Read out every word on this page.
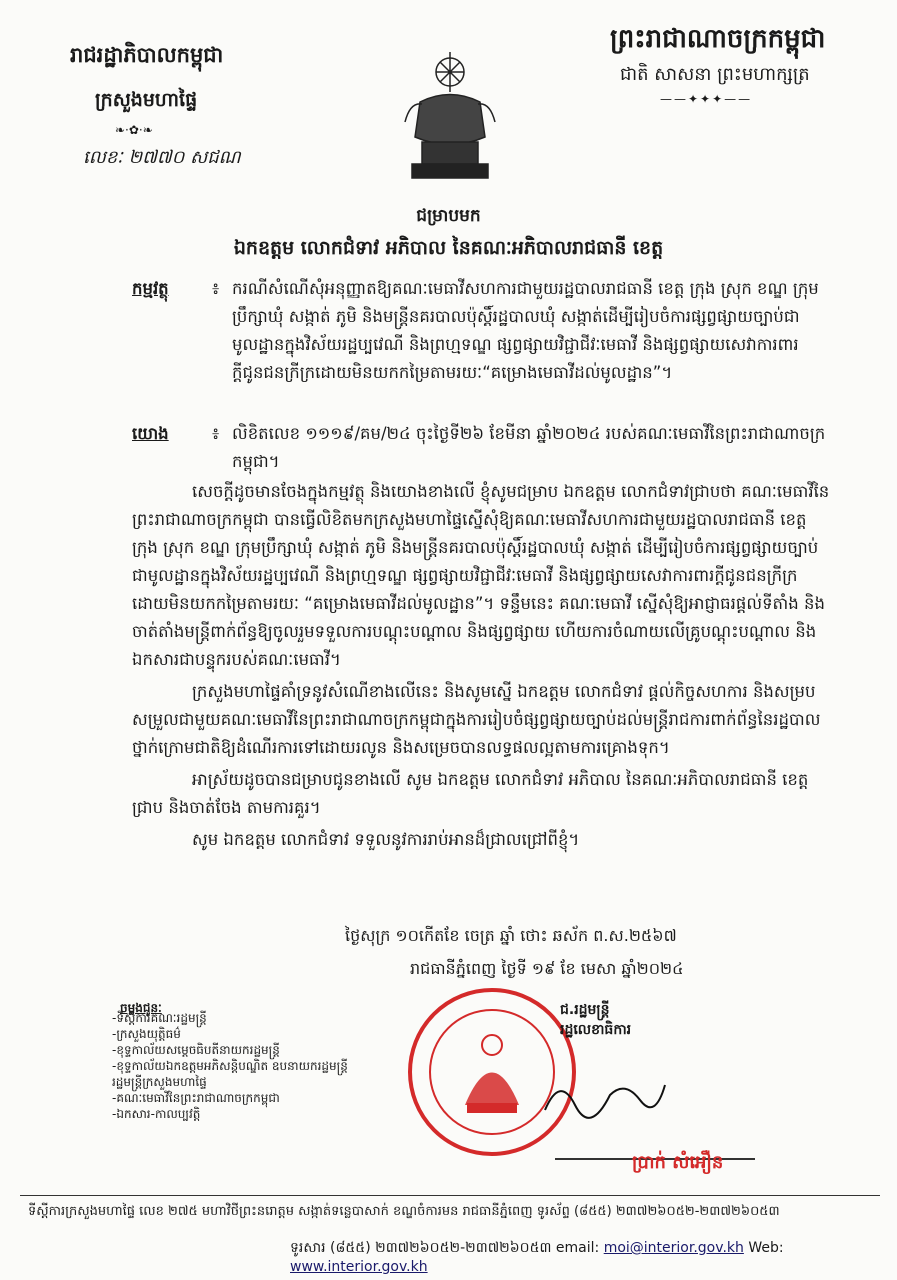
រាជរដ្ឋាភិបាលកម្ពុជា
ក្រសួងមហាផ្ទៃ
❧·✿·❧
លេខៈ ២៧៧០ សជណ
ព្រះរាជាណាចក្រកម្ពុជា
ជាតិ សាសនា ព្រះមហាក្សត្រ
——✦✦✦——
ជម្រាបមក
ឯកឧត្តម លោកជំទាវ អភិបាល នៃគណៈអភិបាលរាជធានី ខេត្ត
កម្មវត្ថុ	៖ ករណីសំណើសុំអនុញ្ញាតឱ្យគណៈមេធាវីសហការជាមួយរដ្ឋបាលរាជធានី ខេត្ត ក្រុង ស្រុក ខណ្ឌ ក្រុមប្រឹក្សាឃុំ សង្កាត់ ភូមិ និងមន្ត្រីនគរបាលប៉ុស្តិ៍រដ្ឋបាលឃុំ សង្កាត់ដើម្បីរៀបចំការផ្សព្វផ្សាយច្បាប់ជាមូលដ្ឋានក្នុងវិស័យរដ្ឋប្បវេណី និងព្រហ្មទណ្ឌ ផ្សព្វផ្សាយវិជ្ជាជីវៈមេធាវី និងផ្សព្វផ្សាយសេវាការពារក្ដីជូនជនក្រីក្រដោយមិនយកកម្រៃតាមរយៈ“គម្រោងមេធាវីដល់មូលដ្ឋាន”។
យោង	៖ លិខិតលេខ ១១១៩/គម/២៤ ចុះថ្ងៃទី២៦ ខែមីនា ឆ្នាំ២០២៤ របស់គណៈមេធាវីនៃព្រះរាជាណាចក្រកម្ពុជា។

សេចក្ដីដូចមានចែងក្នុងកម្មវត្ថុ និងយោងខាងលើ ខ្ញុំសូមជម្រាប ឯកឧត្តម លោកជំទាវជ្រាបថា គណៈមេធាវីនៃព្រះរាជាណាចក្រកម្ពុជា បានធ្វើលិខិតមកក្រសួងមហាផ្ទៃស្នើសុំឱ្យគណៈមេធាវីសហការជាមួយរដ្ឋបាលរាជធានី ខេត្ត ក្រុង ស្រុក ខណ្ឌ ក្រុមប្រឹក្សាឃុំ សង្កាត់ ភូមិ និងមន្ត្រីនគរបាលប៉ុស្តិ៍រដ្ឋបាលឃុំ សង្កាត់ ដើម្បីរៀបចំការផ្សព្វផ្សាយច្បាប់ជាមូលដ្ឋានក្នុងវិស័យរដ្ឋប្បវេណី និងព្រហ្មទណ្ឌ ផ្សព្វផ្សាយវិជ្ជាជីវៈមេធាវី និងផ្សព្វផ្សាយសេវាការពារក្ដីជូនជនក្រីក្រដោយមិនយកកម្រៃតាមរយៈ “គម្រោងមេធាវីដល់មូលដ្ឋាន”។ ទន្ទឹមនេះ គណៈមេធាវី ស្នើសុំឱ្យអាជ្ញាធរផ្ដល់ទីតាំង និងចាត់តាំងមន្ត្រីពាក់ព័ន្ធឱ្យចូលរួមទទួលការបណ្ដុះបណ្ដាល និងផ្សព្វផ្សាយ ហើយការចំណាយលើគ្រូបណ្ដុះបណ្ដាល និងឯកសារជាបន្ទុករបស់គណៈមេធាវី។

ក្រសួងមហាផ្ទៃគាំទ្រនូវសំណើខាងលើនេះ និងសូមស្នើ ឯកឧត្តម លោកជំទាវ ផ្ដល់កិច្ចសហការ និងសម្របសម្រួលជាមួយគណៈមេធាវីនៃព្រះរាជាណាចក្រកម្ពុជាក្នុងការរៀបចំផ្សព្វផ្សាយច្បាប់ដល់មន្ត្រីរាជការពាក់ព័ន្ធនៃរដ្ឋបាលថ្នាក់ក្រោមជាតិឱ្យដំណើរការទៅដោយរលូន និងសម្រេចបានលទ្ធផលល្អតាមការគ្រោងទុក។

អាស្រ័យដូចបានជម្រាបជូនខាងលើ សូម ឯកឧត្តម លោកជំទាវ អភិបាល នៃគណៈអភិបាលរាជធានី ខេត្ត ជ្រាប និងចាត់ចែង តាមការគួរ។

សូម ឯកឧត្តម លោកជំទាវ ទទួលនូវការរាប់អានដ៏ជ្រាលជ្រៅពីខ្ញុំ។

ថ្ងៃសុក្រ ១០កើតខែ ចេត្រ ឆ្នាំ ថោះ ឆស័ក ព.ស.២៥៦៧
រាជធានីភ្នំពេញ ថ្ងៃទី ១៩ ខែ មេសា ឆ្នាំ២០២៤
ជ.រដ្ឋមន្ត្រី
រដ្ឋលេខាធិការ
ប្រាក់ សំអឿន
ចម្លងជូនៈ
-ទីស្ដីការគណៈរដ្ឋមន្ត្រី
-ក្រសួងយុត្តិធម៌
-ខុទ្ទកាល័យសម្ដេចធិបតីនាយករដ្ឋមន្ត្រី
-ខុទ្ទកាល័យឯកឧត្តមអភិសន្តិបណ្ឌិត ឧបនាយករដ្ឋមន្ត្រី រដ្ឋមន្ត្រីក្រសួងមហាផ្ទៃ
-គណៈមេធាវីនៃព្រះរាជាណាចក្រកម្ពុជា
-ឯកសារ-កាលប្បវត្តិ
ទីស្ដីការក្រសួងមហាផ្ទៃ លេខ ២៧៥ មហាវិថីព្រះនរោត្តម សង្កាត់ទន្លេបាសាក់ ខណ្ឌចំការមន រាជធានីភ្នំពេញ ទូរស័ព្ទ (៨៥៥) ២៣៧២៦០៥២-២៣៧២៦០៥៣
ទូរសារ (៨៥៥) ២៣៧២៦០៥២-២៣៧២៦០៥៣ email: moi@interior.gov.kh Web: www.interior.gov.kh
